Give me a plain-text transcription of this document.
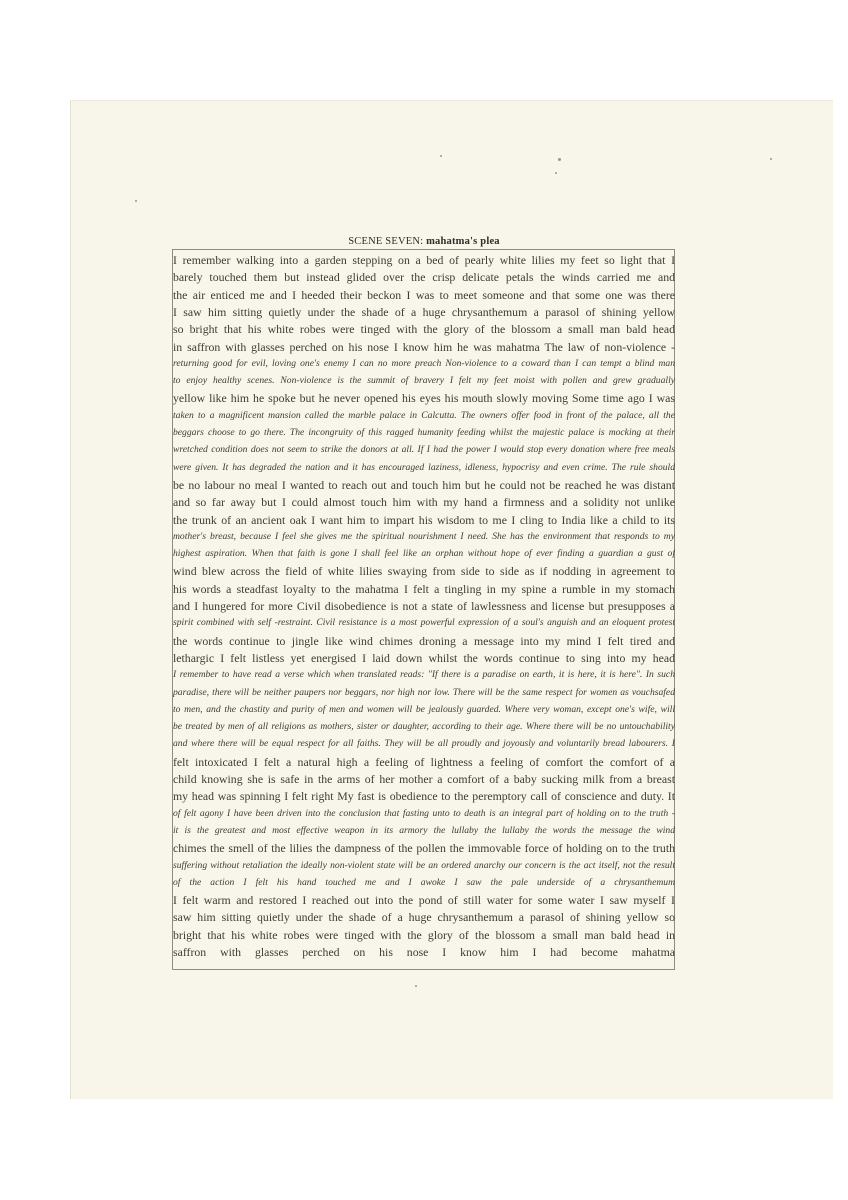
SCENE SEVEN: mahatma's plea
I remember walking into a garden stepping on a bed of pearly white lilies my feet so light that I
barely touched them but instead glided over the crisp delicate petals the winds carried me and
the air enticed me and I heeded their beckon I was to meet someone and that some one was there
I saw him sitting quietly under the shade of a huge chrysanthemum a parasol of shining yellow
so bright that his white robes were tinged with the glory of the blossom a small man bald head
in saffron with glasses perched on his nose I know him he was mahatma The law of non-violence -
returning good for evil, loving one's enemy I can no more preach Non-violence to a coward than I can tempt a blind man
to enjoy healthy scenes. Non-violence is the summit of bravery I felt my feet moist with pollen and grew gradually
yellow like him he spoke but he never opened his eyes his mouth slowly moving Some time ago I was
taken to a magnificent mansion called the marble palace in Calcutta. The owners offer food in front of the palace, all the
beggars choose to go there. The incongruity of this ragged humanity feeding whilst the majestic palace is mocking at their
wretched condition does not seem to strike the donors at all. If I had the power I would stop every donation where free meals
were given. It has degraded the nation and it has encouraged laziness, idleness, hypocrisy and even crime. The rule should
be no labour no meal I wanted to reach out and touch him but he could not be reached he was distant
and so far away but I could almost touch him with my hand a firmness and a solidity not unlike
the trunk of an ancient oak I want him to impart his wisdom to me I cling to India like a child to its
mother's breast, because I feel she gives me the spiritual nourishment I need. She has the environment that responds to my
highest aspiration. When that faith is gone I shall feel like an orphan without hope of ever finding a guardian a gust of
wind blew across the field of white lilies swaying from side to side as if nodding in agreement to
his words a steadfast loyalty to the mahatma I felt a tingling in my spine a rumble in my stomach
and I hungered for more Civil disobedience is not a state of lawlessness and license but presupposes a
spirit combined with self -restraint. Civil resistance is a most powerful expression of a soul's anguish and an eloquent protest
the words continue to jingle like wind chimes droning a message into my mind I felt tired and
lethargic I felt listless yet energised I laid down whilst the words continue to sing into my head
I remember to have read a verse which when translated reads: "If there is a paradise on earth, it is here, it is here". In such
paradise, there will be neither paupers nor beggars, nor high nor low. There will be the same respect for women as vouchsafed
to men, and the chastity and purity of men and women will be jealously guarded. Where very woman, except one's wife, will
be treated by men of all religions as mothers, sister or daughter, according to their age. Where there will be no untouchability
and where there will be equal respect for all faiths. They will be all proudly and joyously and voluntarily bread labourers. I
felt intoxicated I felt a natural high a feeling of lightness a feeling of comfort the comfort of a
child knowing she is safe in the arms of her mother a comfort of a baby sucking milk from a breast
my head was spinning I felt right My fast is obedience to the peremptory call of conscience and duty. It
of felt agony I have been driven into the conclusion that fasting unto to death is an integral part of holding on to the truth -
it is the greatest and most effective weapon in its armory the lullaby the lullaby the words the message the wind
chimes the smell of the lilies the dampness of the pollen the immovable force of holding on to the truth
suffering without retaliation the ideally non-violent state will be an ordered anarchy our concern is the act itself, not the result
of the action I felt his hand touched me and I awoke I saw the pale underside of a chrysanthemum
I felt warm and restored I reached out into the pond of still water for some water I saw myself I
saw him sitting quietly under the shade of a huge chrysanthemum a parasol of shining yellow so
bright that his white robes were tinged with the glory of the blossom a small man bald head in
saffron with glasses perched on his nose I know him I had become mahatma
